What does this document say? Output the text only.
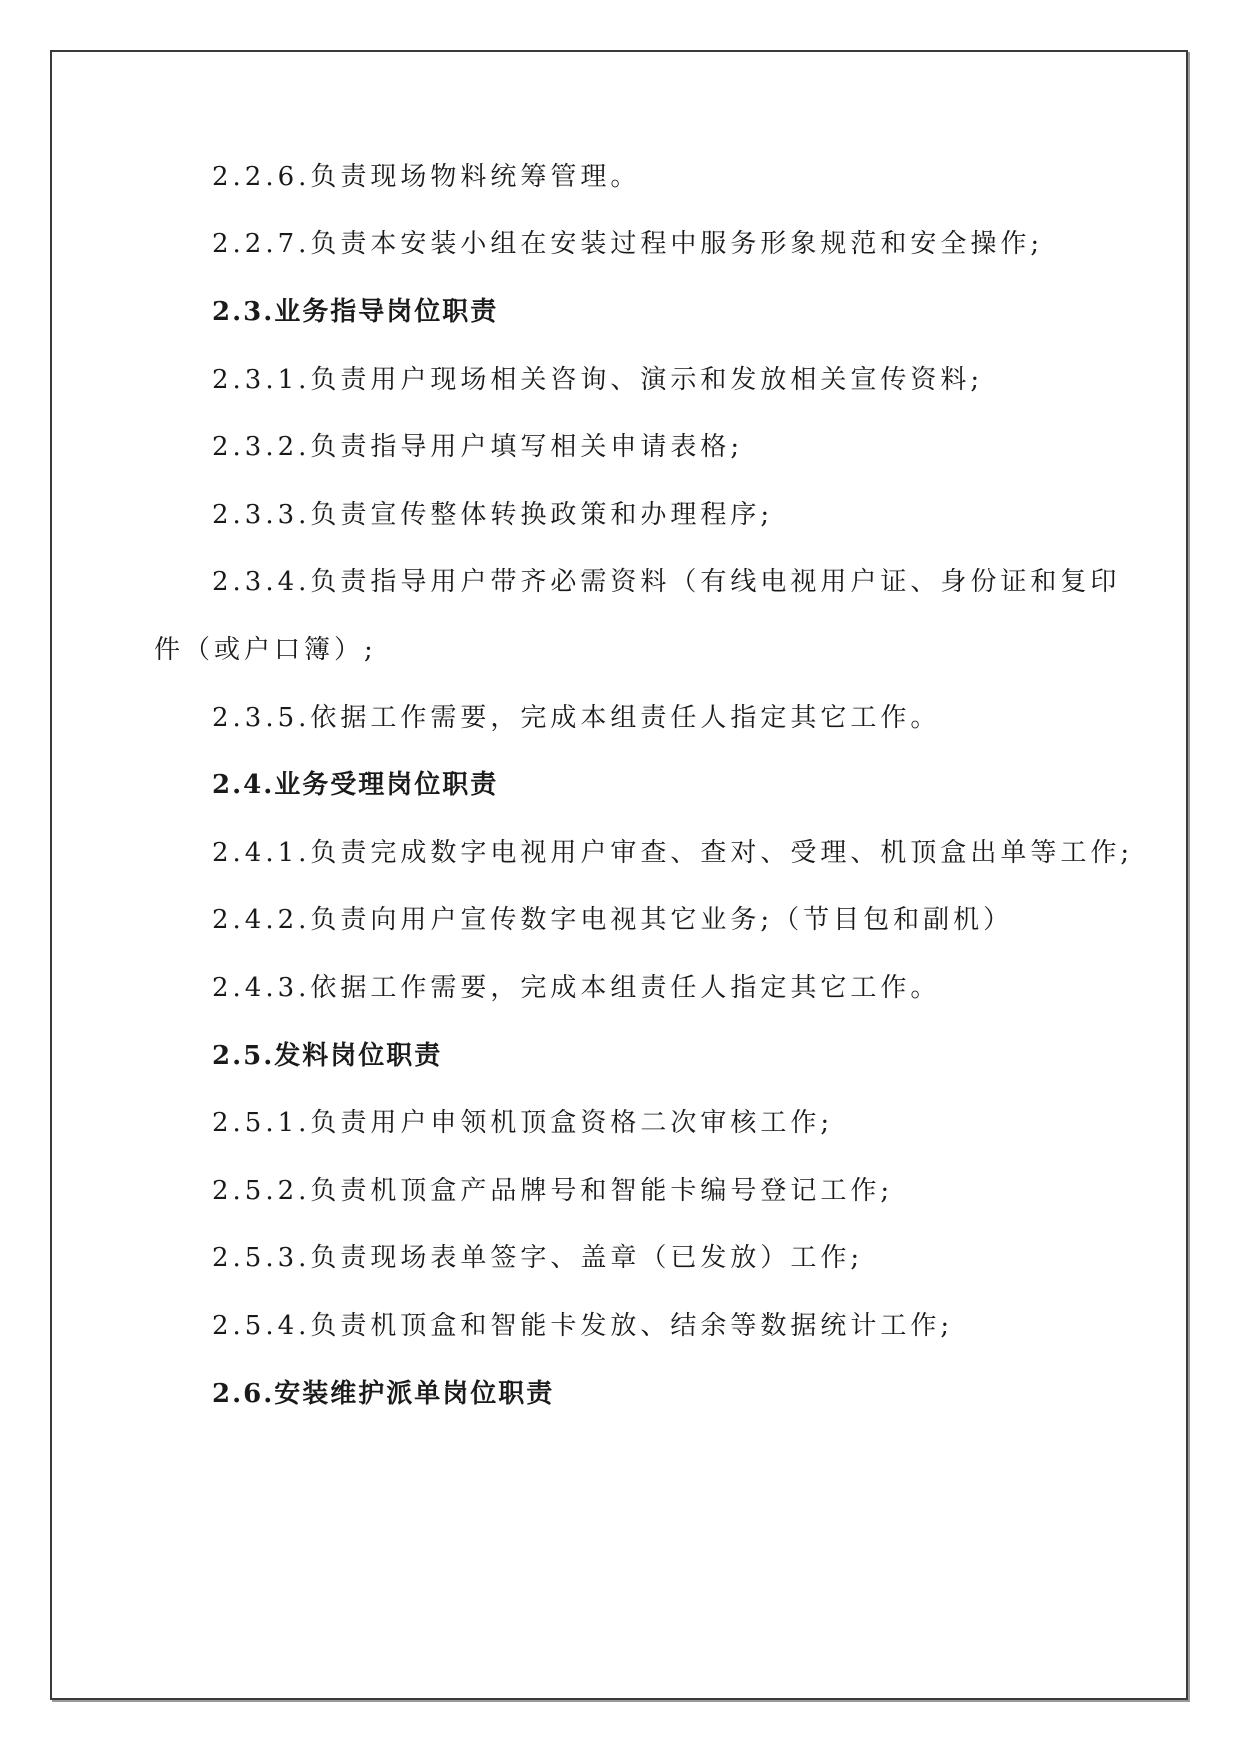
2.2.6.负责现场物料统筹管理。
2.2.7.负责本安装小组在安装过程中服务形象规范和安全操作;
2.3.业务指导岗位职责
2.3.1.负责用户现场相关咨询、演示和发放相关宣传资料;
2.3.2.负责指导用户填写相关申请表格;
2.3.3.负责宣传整体转换政策和办理程序;
2.3.4.负责指导用户带齐必需资料（有线电视用户证、身份证和复印
件（或户口簿）;
2.3.5.依据工作需要，完成本组责任人指定其它工作。
2.4.业务受理岗位职责
2.4.1.负责完成数字电视用户审查、查对、受理、机顶盒出单等工作;
2.4.2.负责向用户宣传数字电视其它业务;（节目包和副机）
2.4.3.依据工作需要，完成本组责任人指定其它工作。
2.5.发料岗位职责
2.5.1.负责用户申领机顶盒资格二次审核工作;
2.5.2.负责机顶盒产品牌号和智能卡编号登记工作;
2.5.3.负责现场表单签字、盖章（已发放）工作;
2.5.4.负责机顶盒和智能卡发放、结余等数据统计工作;
2.6.安装维护派单岗位职责
